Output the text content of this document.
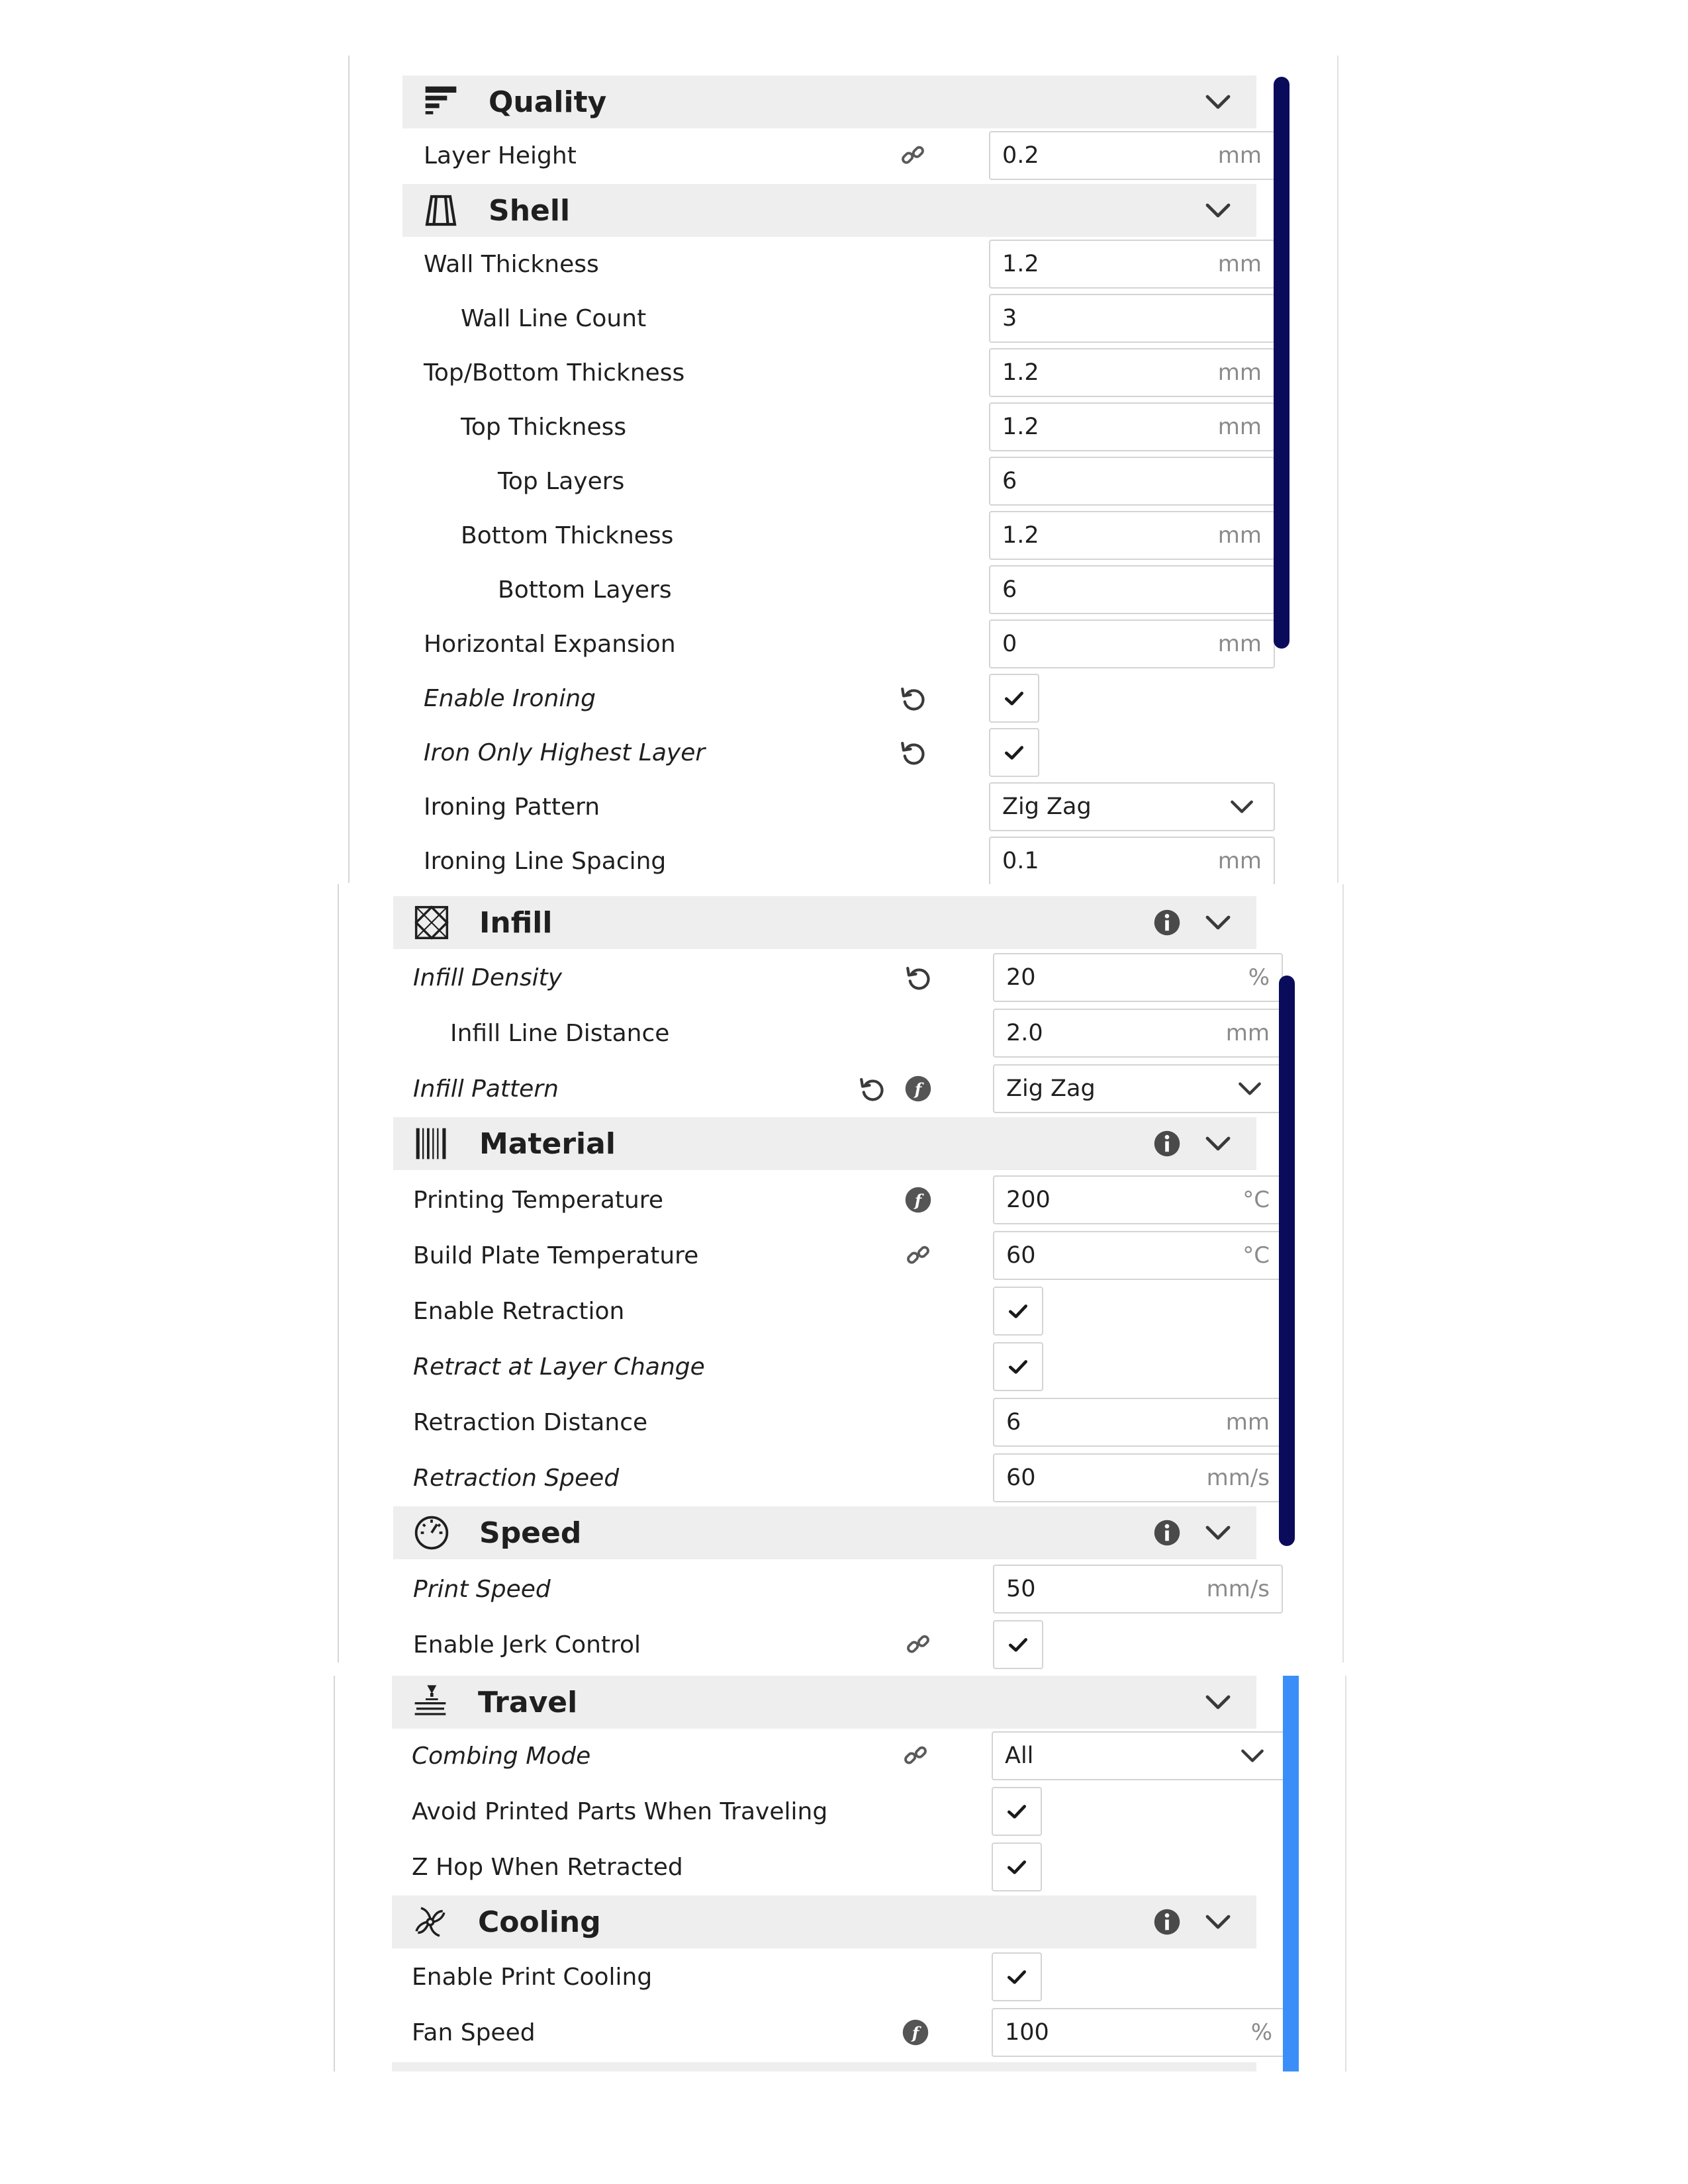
Quality
Layer Height	0.2	mm
Shell
Wall Thickness	1.2	mm
Wall Line Count	3
Top/Bottom Thickness	1.2	mm
Top Thickness	1.2	mm
Top Layers	6
Bottom Thickness	1.2	mm
Bottom Layers	6
Horizontal Expansion	0	mm
Enable Ironing
Iron Only Highest Layer
Ironing Pattern	Zig Zag
Ironing Line Spacing	0.1	mm
Infill
Infill Density	20	%
Infill Line Distance	2.0	mm
Infill Pattern	Zig Zag
Material
Printing Temperature	200	°C
Build Plate Temperature	60	°C
Enable Retraction
Retract at Layer Change
Retraction Distance	6	mm
Retraction Speed	60	mm/s
Speed
Print Speed	50	mm/s
Enable Jerk Control
Travel
Combing Mode	All
Avoid Printed Parts When Traveling
Z Hop When Retracted
Cooling
Enable Print Cooling
Fan Speed	100	%
